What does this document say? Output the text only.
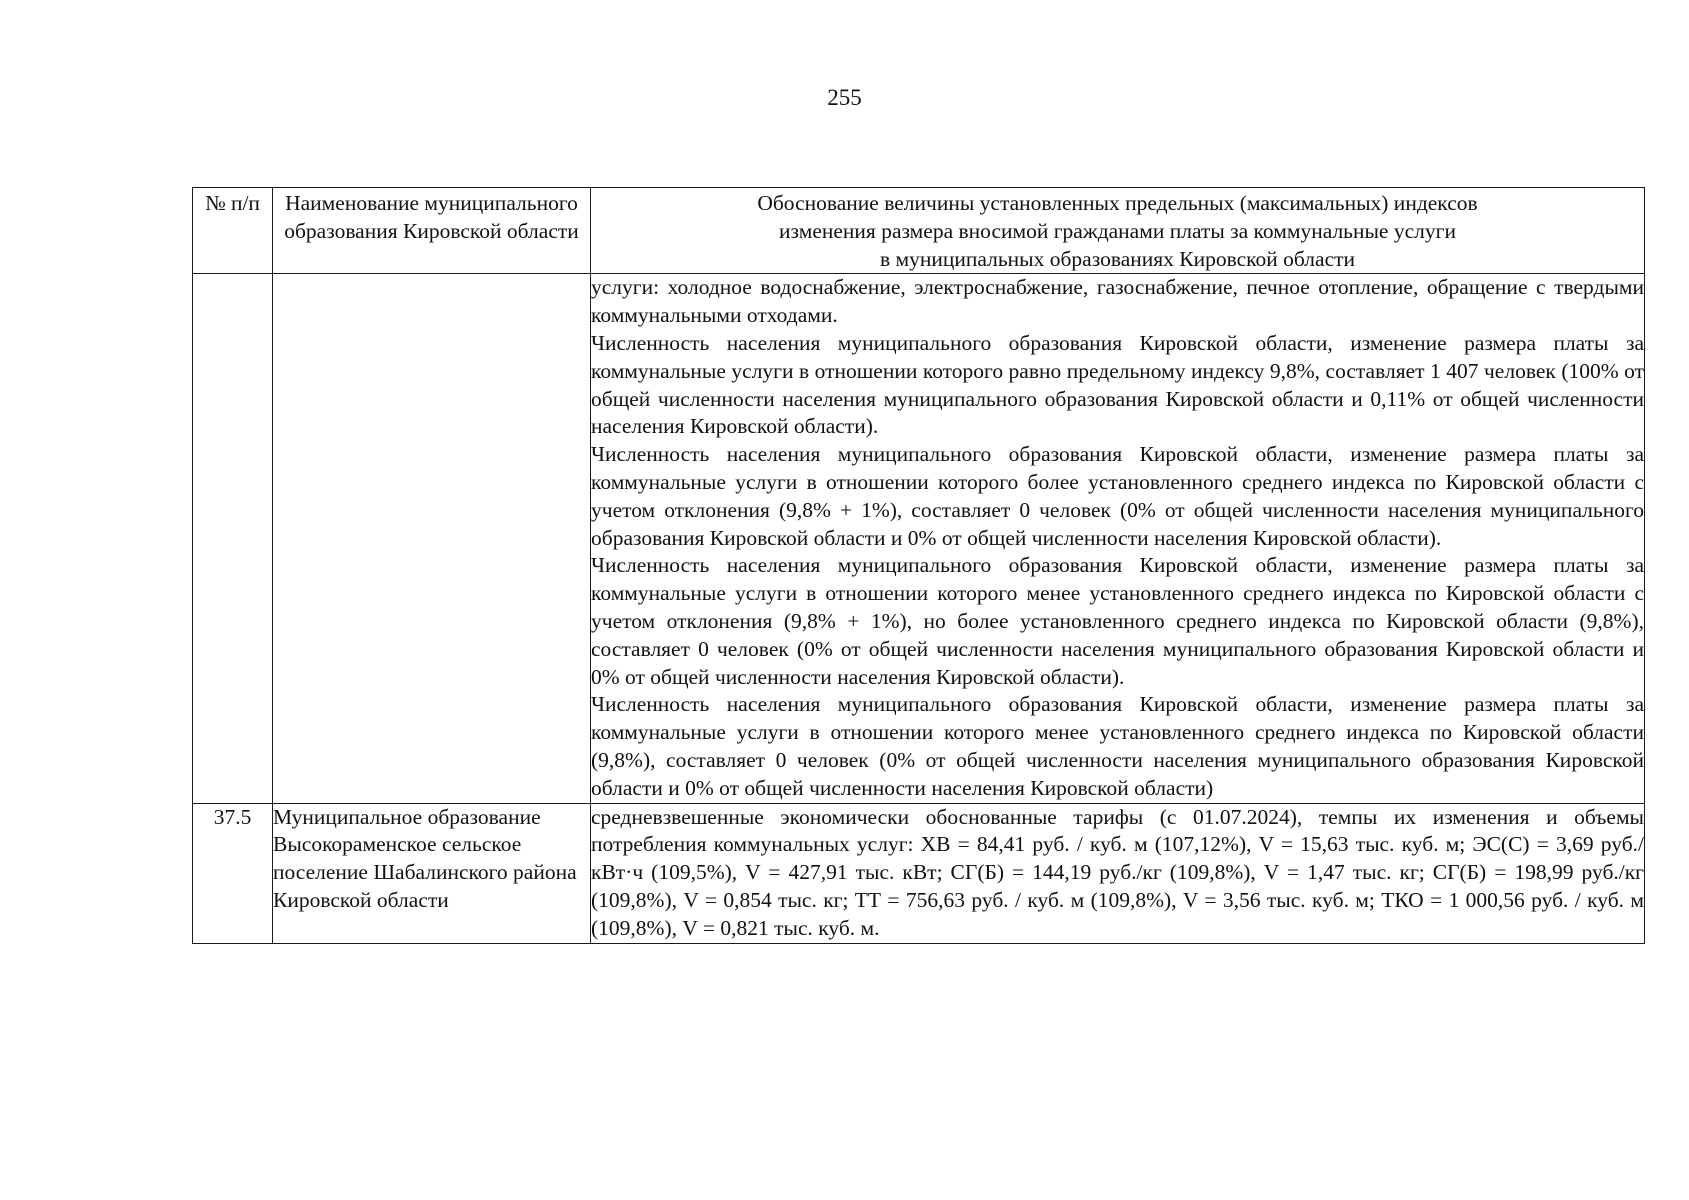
255
№ п/п	Наименование муниципального образования Кировской области	Обоснование величины установленных предельных (максимальных) индексов
изменения размера вносимой гражданами платы за коммунальные услуги
в муниципальных образованиях Кировской области

		услуги: холодное водоснабжение, электроснабжение, газоснабжение, печное отопление, обращение с твердыми коммунальными отходами.

Численность населения муниципального образования Кировской области, изменение размера платы за коммунальные услуги в отношении которого равно предельному индексу 9,8%, составляет 1 407 человек (100% от общей численности населения муниципального образования Кировской области и 0,11% от общей численности населения Кировской области).

Численность населения муниципального образования Кировской области, изменение размера платы за коммунальные услуги в отношении которого более установленного среднего индекса по Кировской области с учетом отклонения (9,8% + 1%), составляет 0 человек (0% от общей численности населения муниципального образования Кировской области и 0% от общей численности населения Кировской области).

Численность населения муниципального образования Кировской области, изменение размера платы за коммунальные услуги в отношении которого менее установленного среднего индекса по Кировской области с учетом отклонения (9,8% + 1%), но более установленного среднего индекса по Кировской области (9,8%), составляет 0 человек (0% от общей численности населения муниципального образования Кировской области и 0% от общей численности населения Кировской области).

Численность населения муниципального образования Кировской области, изменение размера платы за коммунальные услуги в отношении которого менее установленного среднего индекса по Кировской области (9,8%), составляет 0 человек (0% от общей численности населения муниципального образования Кировской области и 0% от общей численности населения Кировской области)

37.5	Муниципальное образование Высокораменское сельское поселение Шабалинского района Кировской области	средневзвешенные экономически обоснованные тарифы (с 01.07.2024), темпы их изменения и объемы потребления коммунальных услуг: ХВ = 84,41 руб. / куб. м (107,12%), V = 15,63 тыс. куб. м; ЭС(С) = 3,69 руб./кВт·ч (109,5%), V = 427,91 тыс. кВт; СГ(Б) = 144,19 руб./кг (109,8%), V = 1,47 тыс. кг; СГ(Б) = 198,99 руб./кг (109,8%), V = 0,854 тыс. кг; ТТ = 756,63 руб. / куб. м (109,8%), V = 3,56 тыс. куб. м; ТКО = 1 000,56 руб. / куб. м (109,8%), V = 0,821 тыс. куб. м.
